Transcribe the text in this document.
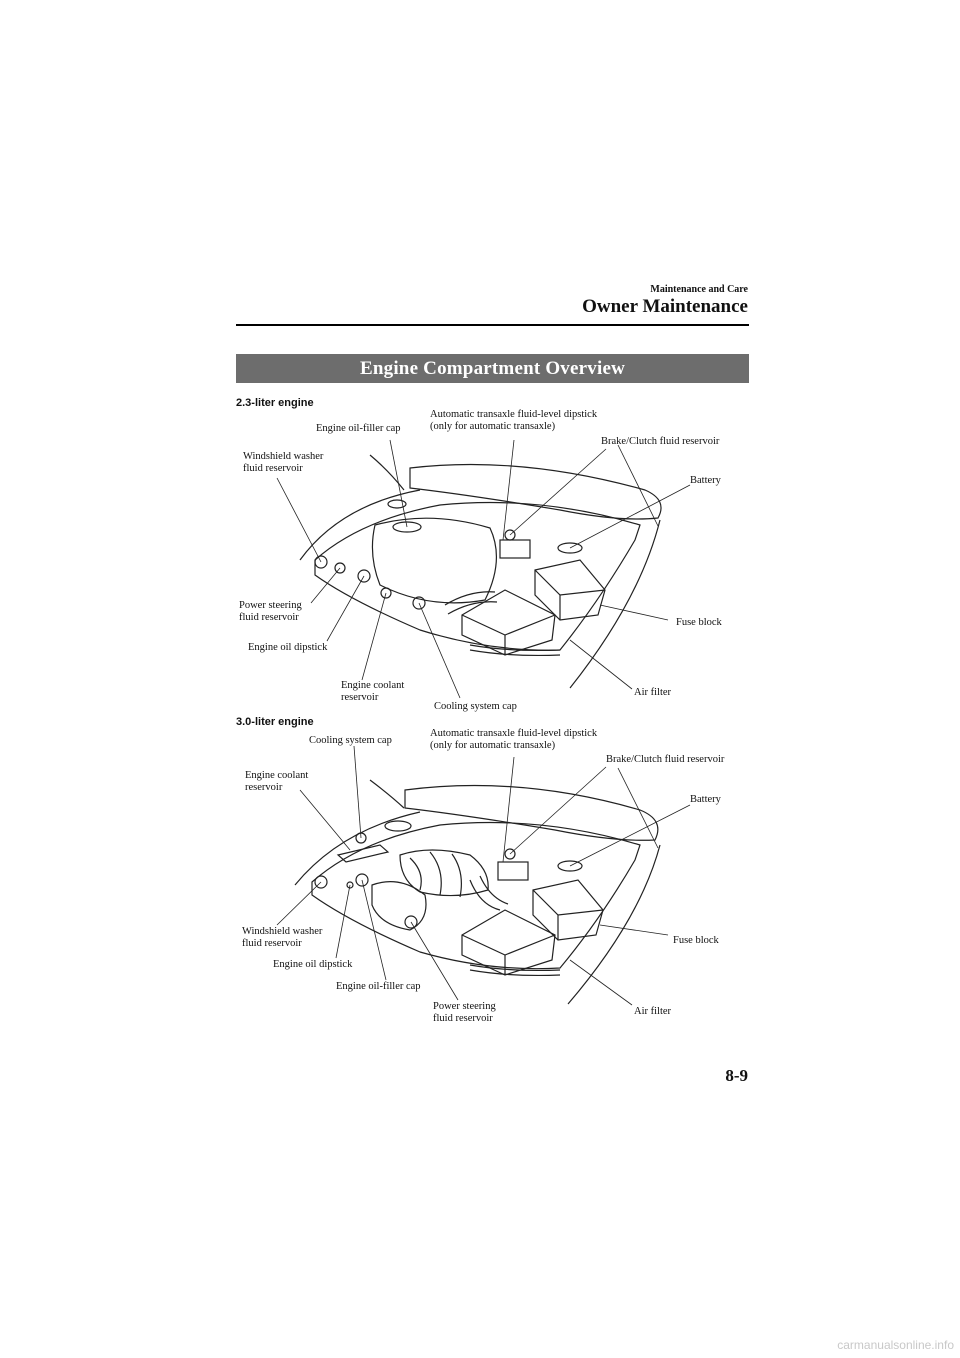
Maintenance and Care
Owner Maintenance
Engine Compartment Overview
2.3-liter engine
Engine oil-filler cap
Automatic transaxle fluid-level dipstick
(only for automatic transaxle)
Brake/Clutch fluid reservoir
Windshield washer
fluid reservoir
Battery
Power steering
fluid reservoir	Fuse block
Engine oil dipstick
Engine coolant
reservoir
Cooling system cap
Air filter
3.0-liter engine
Cooling system cap
Automatic transaxle fluid-level dipstick
(only for automatic transaxle)
Brake/Clutch fluid reservoir
Engine coolant
reservoir
Battery
Windshield washer
fluid reservoir	Fuse block
Engine oil dipstick
Engine oil-filler cap
Power steering
fluid reservoir
Air filter
8-9
carmanualsonline.info
